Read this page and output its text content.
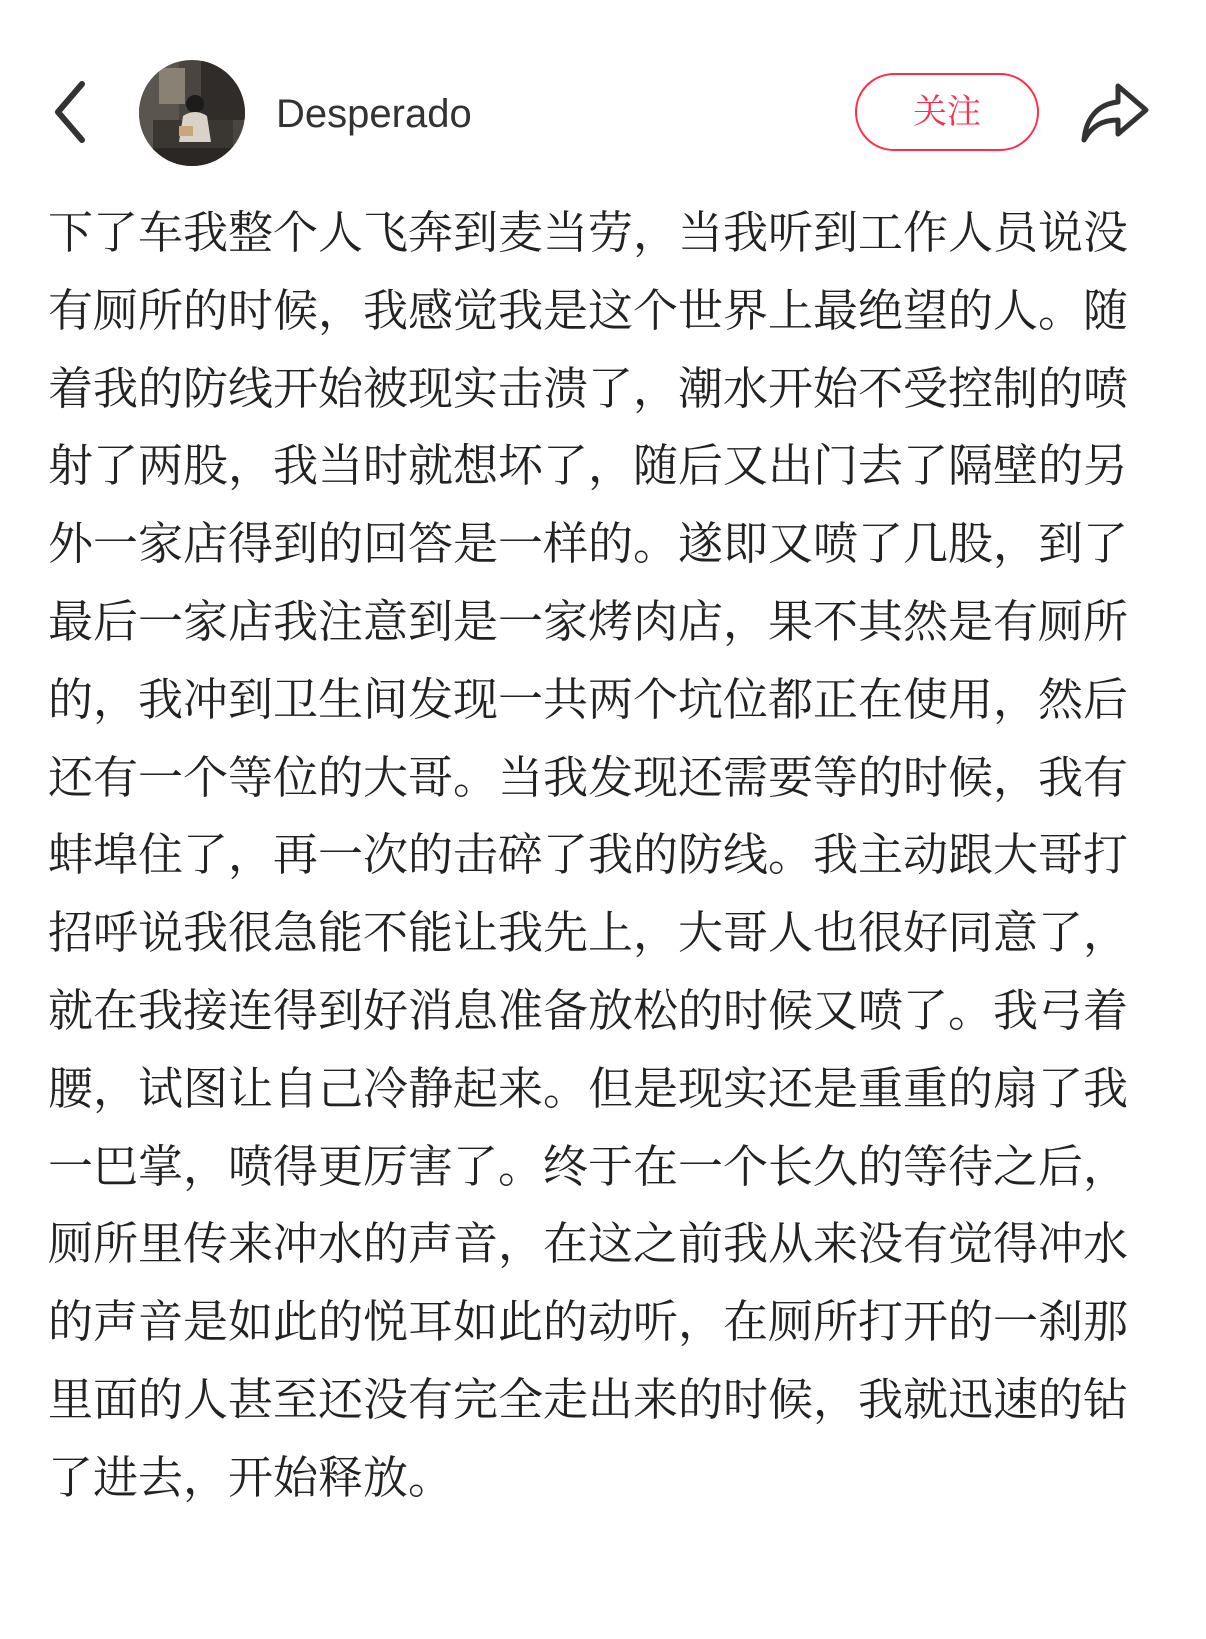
Desperado	关注

下了车我整个人飞奔到麦当劳，当我听到工作人员说没有厕所的时候，我感觉我是这个世界上最绝望的人。随着我的防线开始被现实击溃了，潮水开始不受控制的喷射了两股，我当时就想坏了，随后又出门去了隔壁的另外一家店得到的回答是一样的。遂即又喷了几股，到了最后一家店我注意到是一家烤肉店，果不其然是有厕所的，我冲到卫生间发现一共两个坑位都正在使用，然后还有一个等位的大哥。当我发现还需要等的时候，我有蚌埠住了，再一次的击碎了我的防线。我主动跟大哥打招呼说我很急能不能让我先上，大哥人也很好同意了，就在我接连得到好消息准备放松的时候又喷了。我弓着腰，试图让自己冷静起来。但是现实还是重重的扇了我一巴掌，喷得更厉害了。终于在一个长久的等待之后，厕所里传来冲水的声音，在这之前我从来没有觉得冲水的声音是如此的悦耳如此的动听，在厕所打开的一刹那里面的人甚至还没有完全走出来的时候，我就迅速的钻了进去，开始释放。
